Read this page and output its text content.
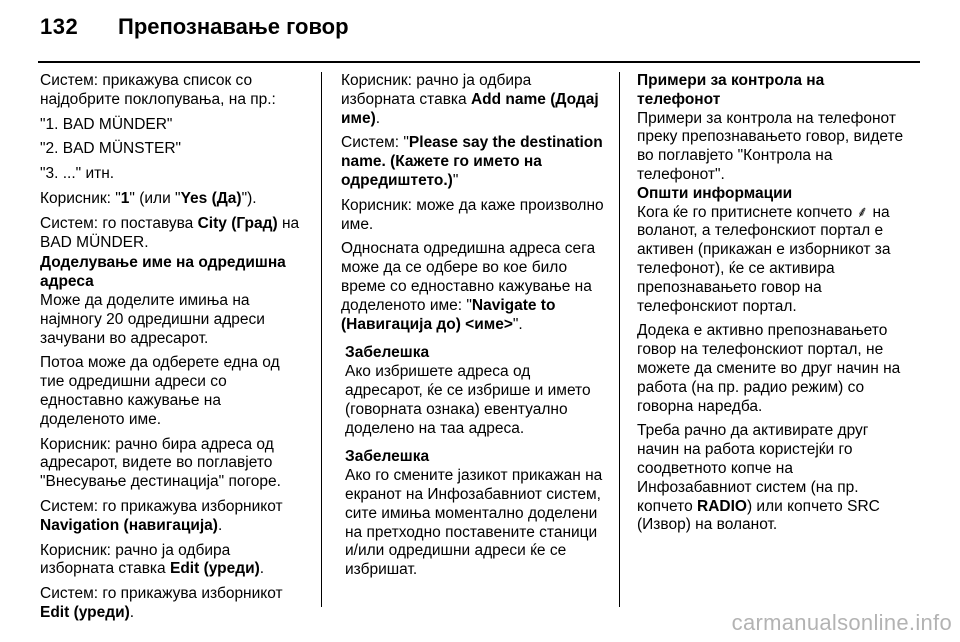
132 Препознавање говор

Систем: прикажува список со најдобрите поклопувања, на пр.:

"1. BAD MÜNDER"

"2. BAD MÜNSTER"

"3. ..." итн.

Корисник: "1" (или "Yes (Да)").

Систем: го поставува City (Град) на BAD MÜNDER.

Доделување име на одредишна адреса

Може да доделите имиња на најмногу 20 одредишни адреси зачувани во адресарот.

Потоа може да одберете една од тие одредишни адреси со едноставно кажување на доделеното име.

Корисник: рачно бира адреса од адресарот, видете во поглавјето "Внесување дестинација" погоре.

Систем: го прикажува изборникот Navigation (навигација).

Корисник: рачно ја одбира изборната ставка Edit (уреди).

Систем: го прикажува изборникот Edit (уреди).

Корисник: рачно ја одбира изборната ставка Add name (Додај име).

Систем: "Please say the destination name. (Кажете го името на одредиштето.)"

Корисник: може да каже произволно име.

Односната одредишна адреса сега може да се одбере во кое било време со едноставно кажување на доделеното име: "Navigate to (Навигација до) <име>".

Забелешка

Ако избришете адреса од адресарот, ќе се избрише и името (говорната ознака) евентуално доделено на таа адреса.

Забелешка

Ако го смените јазикот прикажан на екранот на Инфозабавниот систем, сите имиња моментално доделени на претходно поставените станици и/или одредишни адреси ќе се избришат.

Примери за контрола на телефонот

Примери за контрола на телефонот преку препознавањето говор, видете во поглавјето "Контрола на телефонот".

Општи информации

Кога ќе го притиснете копчето ⸙ на воланот, а телефонскиот портал е активен (прикажан е изборникот за телефонот), ќе се активира препознавањето говор на телефонскиот портал.

Додека е активно препознавањето говор на телефонскиот портал, не можете да смените во друг начин на работа (на пр. радио режим) со говорна наредба.

Треба рачно да активирате друг начин на работа користејќи го соодветното копче на Инфозабавниот систем (на пр. копчето RADIO) или копчето SRC (Извор) на воланот.

carmanualsonline.info
